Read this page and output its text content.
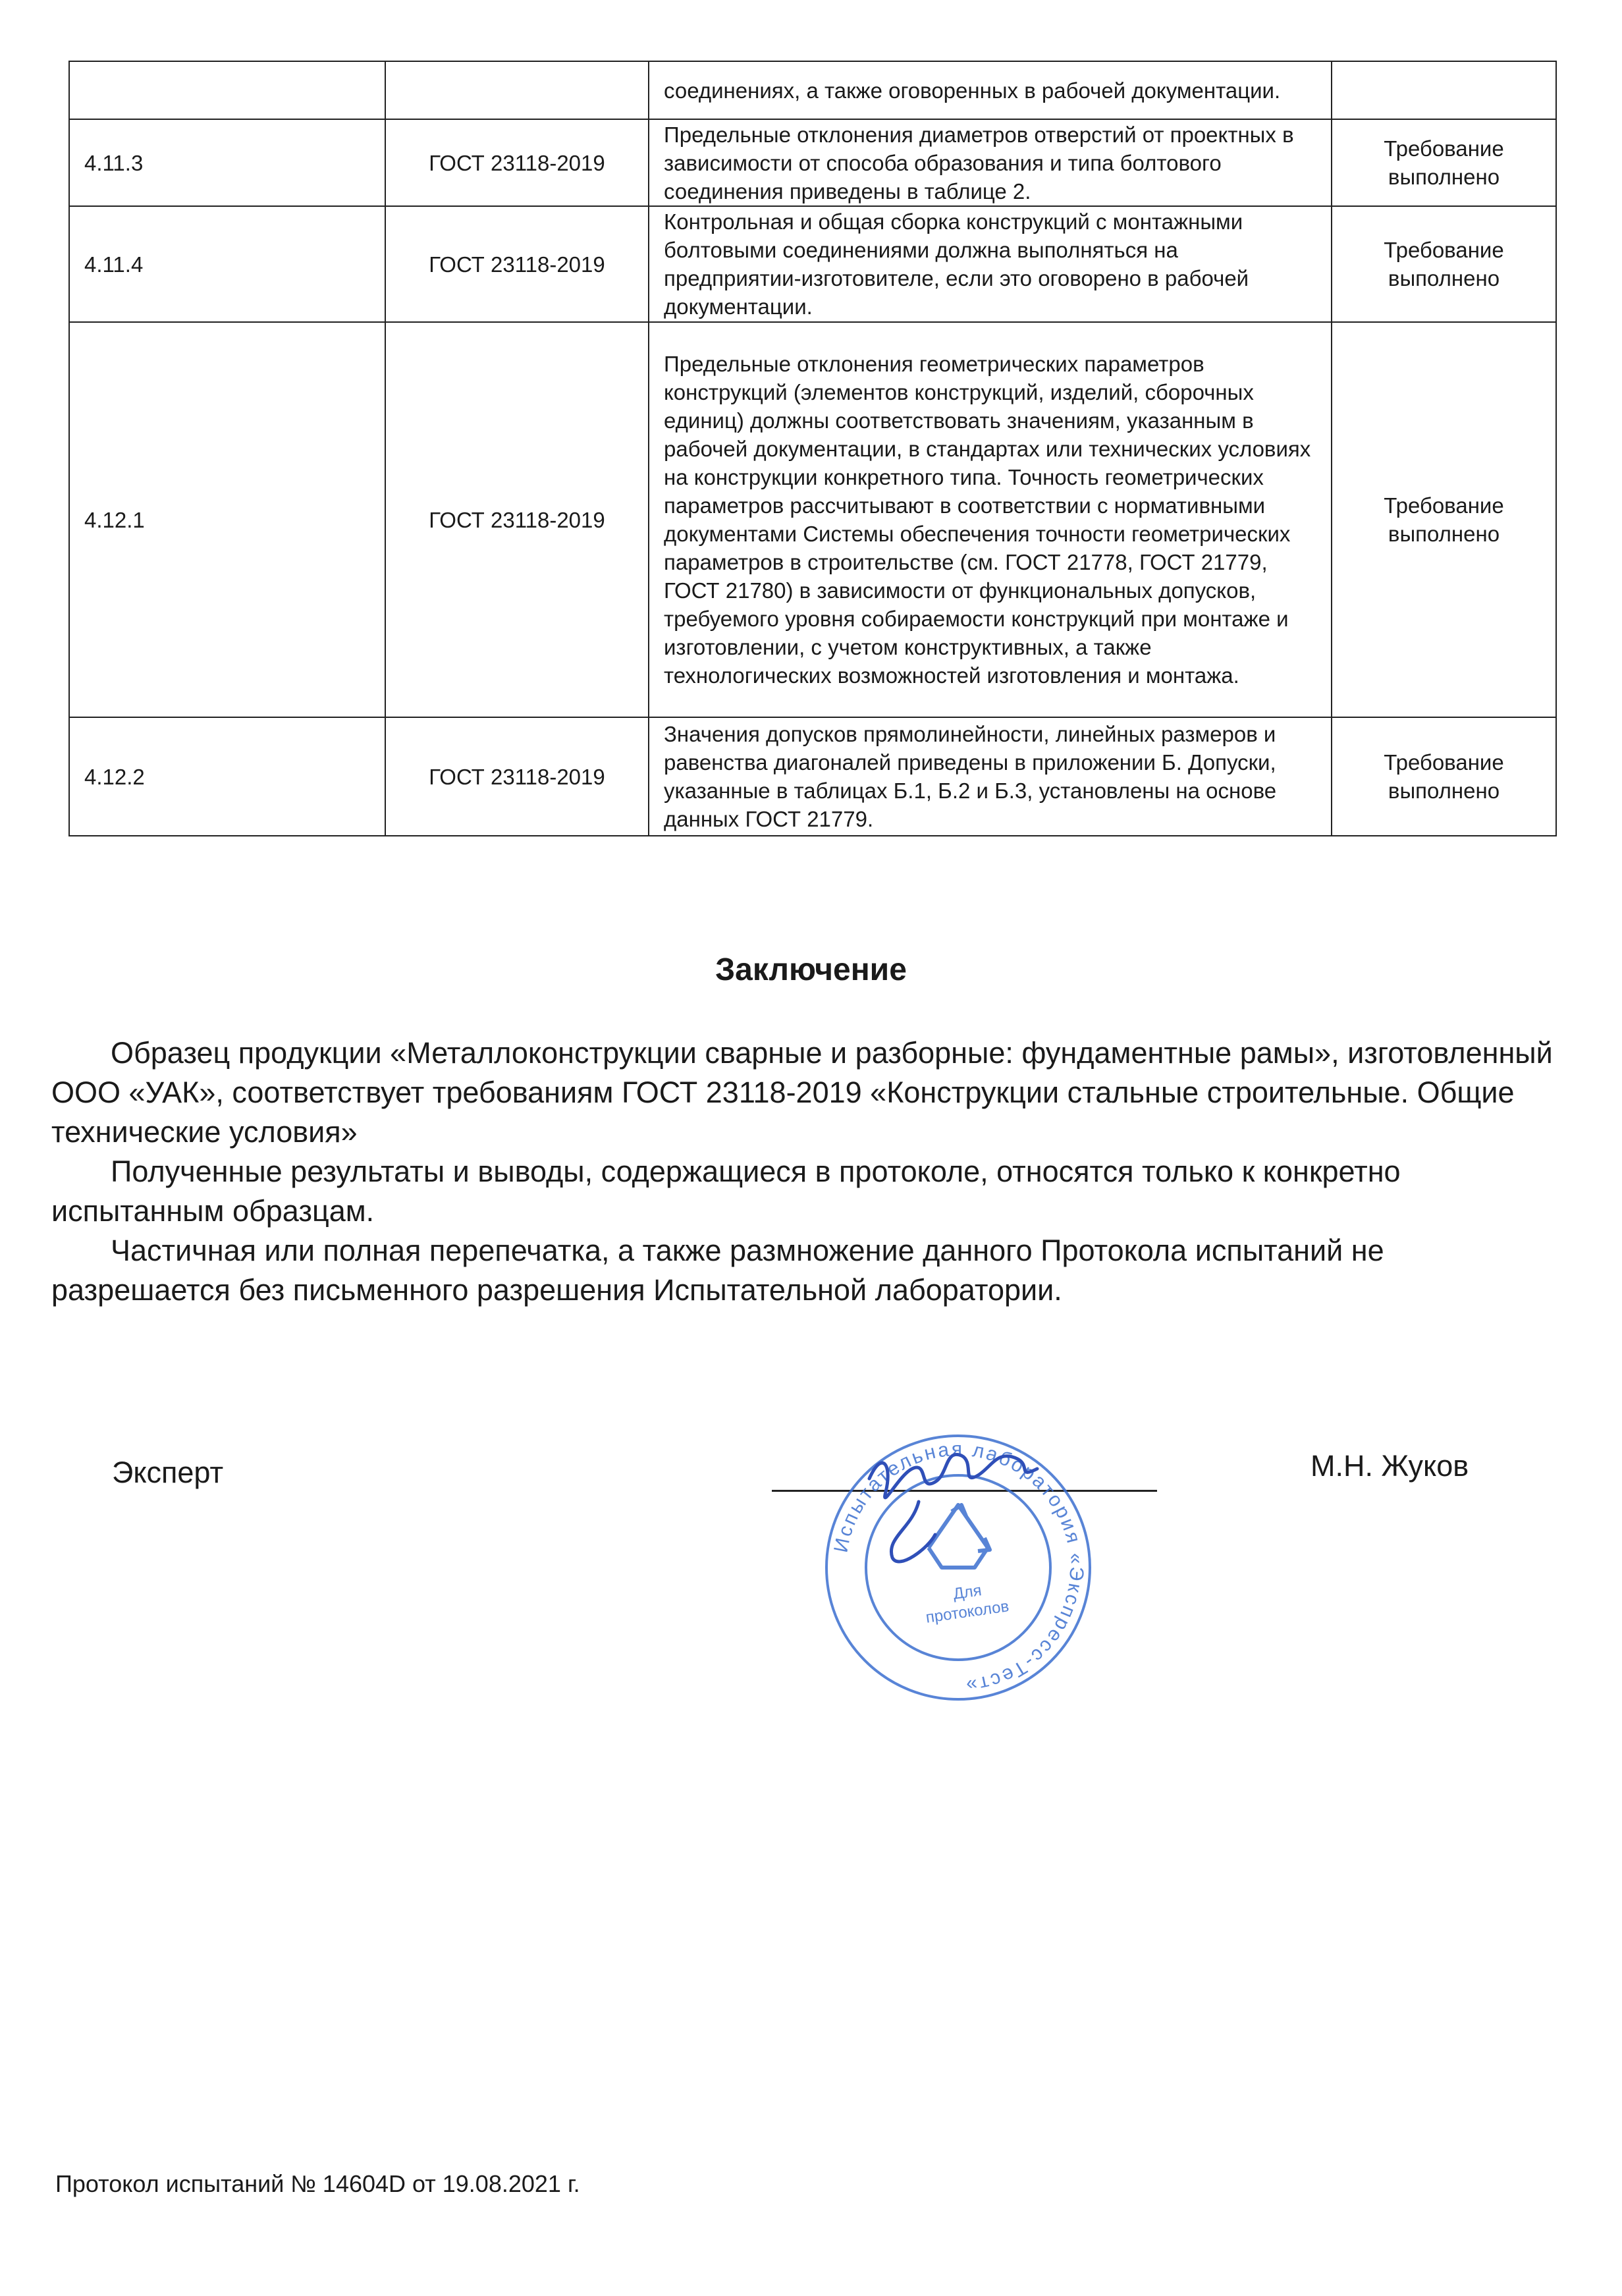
		соединениях, а также оговоренных в рабочей документации.	
4.11.3	ГОСТ 23118-2019	Предельные отклонения диаметров отверстий от проектных в зависимости от способа образования и типа болтового соединения приведены в таблице 2.	Требование выполнено
4.11.4	ГОСТ 23118-2019	Контрольная и общая сборка конструкций с монтажными болтовыми соединениями должна выполняться на предприятии-изготовителе, если это оговорено в рабочей документации.	Требование выполнено
4.12.1	ГОСТ 23118-2019	Предельные отклонения геометрических параметров конструкций (элементов конструкций, изделий, сборочных единиц) должны соответствовать значениям, указанным в рабочей документации, в стандартах или технических условиях на конструкции конкретного типа. Точность геометрических параметров рассчитывают в соответствии с нормативными документами Системы обеспечения точности геометрических параметров в строительстве (см. ГОСТ 21778, ГОСТ 21779, ГОСТ 21780) в зависимости от функциональных допусков, требуемого уровня собираемости конструкций при монтаже и изготовлении, с учетом конструктивных, а также технологических возможностей изготовления и монтажа.	Требование выполнено
4.12.2	ГОСТ 23118-2019	Значения допусков прямолинейности, линейных размеров и равенства диагоналей приведены в приложении Б. Допуски, указанные в таблицах Б.1, Б.2 и Б.3, установлены на основе данных ГОСТ 21779.	Требование выполнено
Заключение

Образец продукции «Металлоконструкции сварные и разборные: фундаментные рамы», изготовленный ООО «УАК», соответствует требованиям ГОСТ 23118-2019 «Конструкции стальные строительные. Общие технические условия»

Полученные результаты и выводы, содержащиеся в протоколе, относятся только к конкретно испытанным образцам.

Частичная или полная перепечатка, а также размножение данного Протокола испытаний не разрешается без письменного разрешения Испытательной лаборатории.

Эксперт	М.Н. Жуков
Испытательная лаборатория «Экспресс-Тест»
Для
протоколов
Протокол испытаний № 14604D от 19.08.2021 г.
